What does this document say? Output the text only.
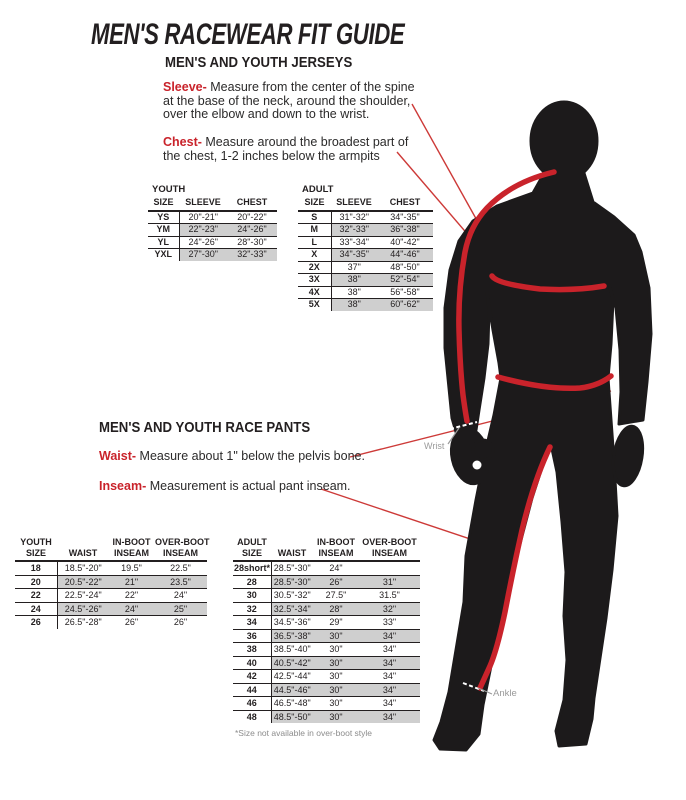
MEN'S RACEWEAR FIT GUIDE
MEN'S AND YOUTH JERSEYS
Sleeve- Measure from the center of the spine at the base of the neck, around the shoulder, over the elbow and down to the wrist.
Chest- Measure around the broadest part of the chest, 1-2 inches below the armpits
YOUTH
SIZE	SLEEVE	CHEST
YS	20"-21"	20"-22"
YM	22"-23"	24"-26"
YL	24"-26"	28"-30"
YXL	27"-30"	32"-33"
ADULT
SIZE	SLEEVE	CHEST
S	31"-32"	34"-35"
M	32"-33"	36"-38"
L	33"-34"	40"-42"
X	34"-35"	44"-46"
2X	37"	48"-50"
3X	38"	52"-54"
4X	38"	56"-58"
5X	38"	60"-62"
MEN'S AND YOUTH RACE PANTS
Waist- Measure about 1" below the pelvis bone.
Inseam- Measurement is actual pant inseam.
YOUTH
SIZE	WAIST

IN-BOOT
INSEAM

OVER-BOOT
INSEAM

18	18.5"-20"	19.5"	22.5"
20	20.5"-22"	21"	23.5"
22	22.5"-24"	22"	24"
24	24.5"-26"	24"	25"
26	26.5"-28"	26"	26"
ADULT
SIZE	WAIST

IN-BOOT
INSEAM

OVER-BOOT
INSEAM

28short*	28.5"-30"	24"	
28	28.5"-30"	26"	31"
30	30.5"-32"	27.5"	31.5"
32	32.5"-34"	28"	32"
34	34.5"-36"	29"	33"
36	36.5"-38"	30"	34"
38	38.5"-40"	30"	34"
40	40.5"-42"	30"	34"
42	42.5"-44"	30"	34"
44	44.5"-46"	30"	34"
46	46.5"-48"	30"	34"
48	48.5"-50"	30"	34"
*Size not available in over-boot style
Wrist
Ankle
